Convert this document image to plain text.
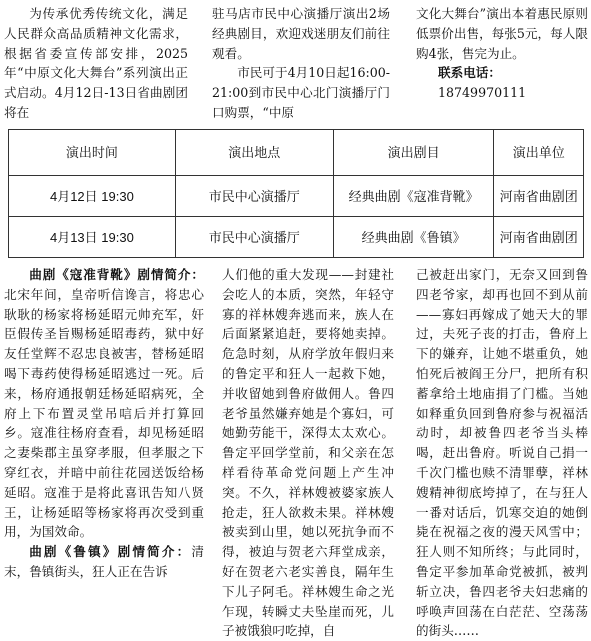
为传承优秀传统文化，满足人民群众高品质精神文化需求，根据省委宣传部安排，2025年“中原文化大舞台”系列演出正式启动。4月12日-13日省曲剧团将在

驻马店市民中心演播厅演出2场经典剧目，欢迎戏迷朋友们前往观看。

市民可于4月10日起16:00-21:00到市民中心北门演播厅门口购票，“中原

文化大舞台”演出本着惠民原则低票价出售，每张5元，每人限购4张，售完为止。

联系电话：

18749970111

演出时间	演出地点	演出剧目	演出单位
4月12日 19:30	市民中心演播厅	经典曲剧《寇准背靴》	河南省曲剧团
4月13日 19:30	市民中心演播厅	经典曲剧《鲁镇》	河南省曲剧团

曲剧《寇准背靴》剧情简介：北宋年间，皇帝听信谗言，将忠心耿耿的杨家将杨延昭元帅充军，奸臣假传圣旨赐杨延昭毒药，狱中好友任堂辉不忍忠良被害，替杨延昭喝下毒药使得杨延昭逃过一死。后来，杨府通报朝廷杨延昭病死，全府上下布置灵堂吊唁后并打算回乡。寇准往杨府查看，却见杨延昭之妻柴郡主虽穿孝服，但孝服之下穿红衣，并暗中前往花园送饭给杨延昭。寇准于是将此喜讯告知八贤王，让杨延昭等杨家将再次受到重用，为国效命。

曲剧《鲁镇》剧情简介：清末，鲁镇街头，狂人正在告诉

人们他的重大发现——封建社会吃人的本质，突然，年轻守寡的祥林嫂奔逃而来，族人在后面紧紧追赶，要将她卖掉。危急时刻，从府学放年假归来的鲁定平和狂人一起救下她，并收留她到鲁府做佣人。鲁四老爷虽然嫌弃她是个寡妇，可她勤劳能干，深得太太欢心。鲁定平回学堂前，和父亲在怎样看待革命党问题上产生冲突。不久，祥林嫂被婆家族人抢走，狂人欲救未果。祥林嫂被卖到山里，她以死抗争而不得，被迫与贺老六拜堂成亲，好在贺老六老实善良，隔年生下儿子阿毛。祥林嫂生命之光乍现，转瞬丈夫坠崖而死，儿子被饿狼叼吃掉，自

己被赶出家门，无奈又回到鲁四老爷家，却再也回不到从前——寡妇再嫁成了她天大的罪过，夫死子丧的打击，鲁府上下的嫌弃，让她不堪重负，她怕死后被阎王分尸，把所有积蓄拿给土地庙捐了门槛。当她如释重负回到鲁府参与祝福活动时，却被鲁四老爷当头棒喝，赶出鲁府。听说自己捐一千次门槛也赎不清罪孽，祥林嫂精神彻底垮掉了，在与狂人一番对话后，饥寒交迫的她倒毙在祝福之夜的漫天风雪中；狂人则不知所终；与此同时，鲁定平参加革命党被抓，被判斩立决，鲁四老爷夫妇悲痛的呼唤声回荡在白茫茫、空荡荡的街头……
